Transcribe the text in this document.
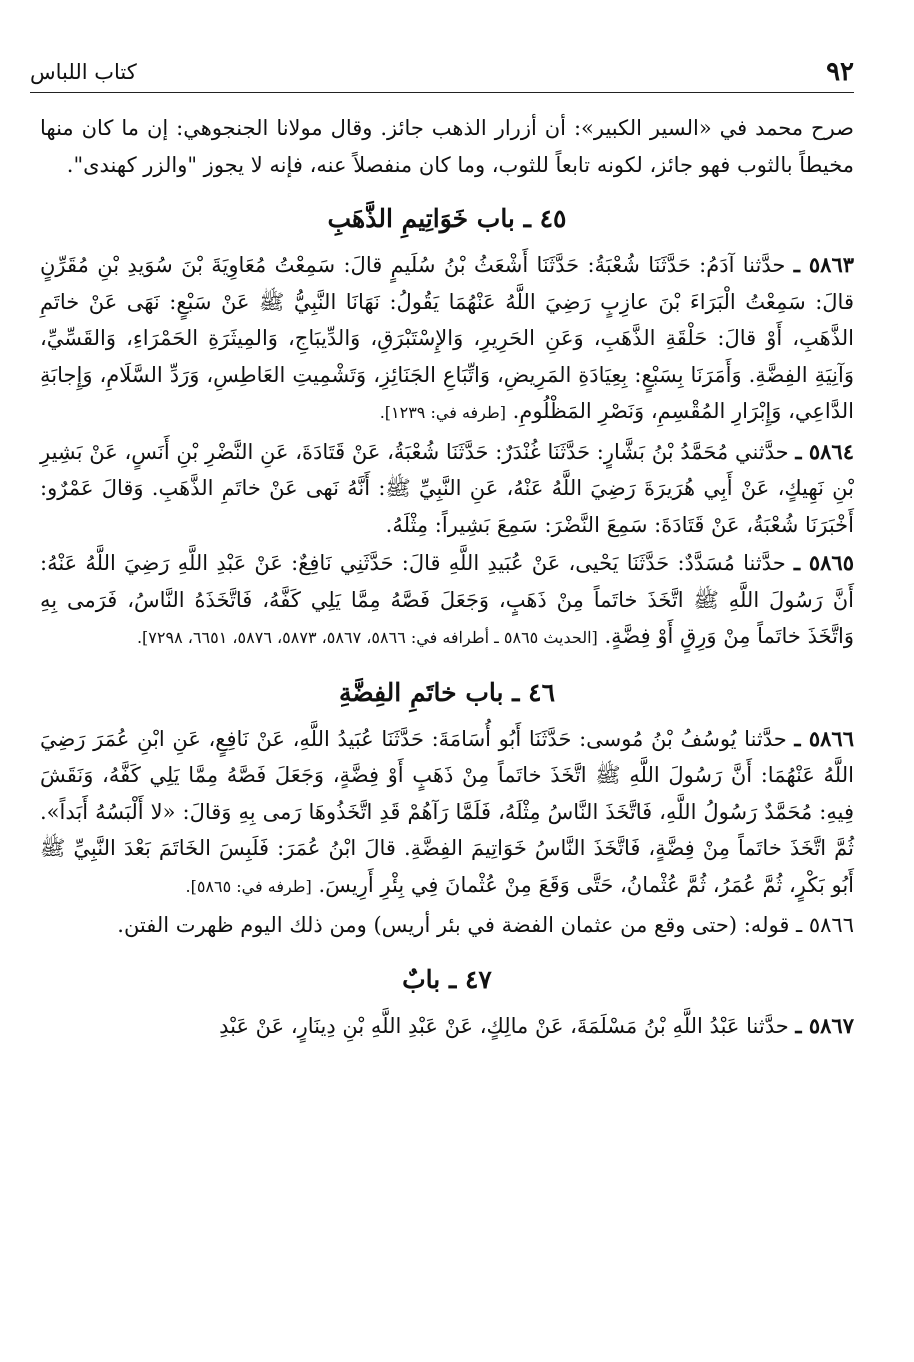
٩٢
كتاب اللباس

صرح محمد في «السير الكبير»: أن أزرار الذهب جائز. وقال مولانا الجنجوهي: إن ما كان منها مخيطاً بالثوب فهو جائز، لكونه تابعاً للثوب، وما كان منفصلاً عنه، فإنه لا يجوز "والزر كهندى".

٤٥ ـ باب خَوَاتِيمِ الذَّهَبِ

٥٨٦٣ ـ حدَّثنا آدَمُ: حَدَّثَنَا شُعْبَةُ: حَدَّثَنَا أَشْعَثُ بْنُ سُلَيمٍ قالَ: سَمِعْتُ مُعَاوِيَةَ بْنَ سُوَيدِ بْنِ مُقَرِّنٍ قالَ: سَمِعْتُ الْبَرَاءَ بْنَ عازِبٍ رَضِيَ اللَّهُ عَنْهُمَا يَقُولُ: نَهَانَا النَّبِيُّ ﷺ عَنْ سَبْعٍ: نَهَى عَنْ خاتَمِ الذَّهَبِ، أَوْ قالَ: حَلْقَةِ الذَّهَبِ، وَعَنِ الحَرِيرِ، وَالإِسْتَبْرَقِ، وَالدِّيبَاجِ، وَالمِيثَرَةِ الحَمْرَاءِ، وَالقَسِّيِّ، وَآنِيَةِ الفِضَّةِ. وَأَمَرَنَا بِسَبْعٍ: بِعِيَادَةِ المَرِيضِ، وَاتِّبَاعِ الجَنَائِزِ، وَتَشْمِيتِ العَاطِسِ، وَرَدِّ السَّلَامِ، وَإِجابَةِ الدَّاعِي، وَإِبْرَارِ المُقْسِمِ، وَنَصْرِ المَظْلُومِ. [طرفه في: ١٢٣٩].

٥٨٦٤ ـ حدَّثني مُحَمَّدُ بْنُ بَشَّارٍ: حَدَّثَنَا غُنْدَرٌ: حَدَّثَنَا شُعْبَةُ، عَنْ قَتَادَةَ، عَنِ النَّضْرِ بْنِ أَنَسٍ، عَنْ بَشِيرِ بْنِ نَهِيكٍ، عَنْ أَبِي هُرَيرَةَ رَضِيَ اللَّهُ عَنْهُ، عَنِ النَّبِيِّ ﷺ: أَنَّهُ نَهى عَنْ خاتَمِ الذَّهَبِ. وَقالَ عَمْرٌو: أَخْبَرَنَا شُعْبَةُ، عَنْ قَتَادَةَ: سَمِعَ النَّضْرَ: سَمِعَ بَشِيراً: مِثْلَهُ.

٥٨٦٥ ـ حدَّثنا مُسَدَّدٌ: حَدَّثَنَا يَحْيى، عَنْ عُبَيدِ اللَّهِ قالَ: حَدَّثَنِي نَافِعٌ: عَنْ عَبْدِ اللَّهِ رَضِيَ اللَّهُ عَنْهُ: أَنَّ رَسُولَ اللَّهِ ﷺ اتَّخَذَ خاتَماً مِنْ ذَهَبٍ، وَجَعَلَ فَصَّهُ مِمَّا يَلِي كَفَّهُ، فَاتَّخَذَهُ النَّاسُ، فَرَمى بِهِ وَاتَّخَذَ خاتَماً مِنْ وَرِقٍ أَوْ فِضَّةٍ. [الحديث ٥٨٦٥ ـ أطرافه في: ٥٨٦٦، ٥٨٦٧، ٥٨٧٣، ٥٨٧٦، ٦٦٥١، ٧٢٩٨].

٤٦ ـ باب خاتَمِ الفِضَّةِ

٥٨٦٦ ـ حدَّثنا يُوسُفُ بْنُ مُوسى: حَدَّثَنَا أَبُو أُسَامَةَ: حَدَّثَنَا عُبَيدُ اللَّهِ، عَنْ نَافِعٍ، عَنِ ابْنِ عُمَرَ رَضِيَ اللَّهُ عَنْهُمَا: أَنَّ رَسُولَ اللَّهِ ﷺ اتَّخَذَ خاتَماً مِنْ ذَهَبٍ أَوْ فِضَّةٍ، وَجَعَلَ فَصَّهُ مِمَّا يَلِي كَفَّهُ، وَنَقَشَ فِيهِ: مُحَمَّدٌ رَسُولُ اللَّهِ، فَاتَّخَذَ النَّاسُ مِثْلَهُ، فَلَمَّا رَآهُمْ قَدِ اتَّخَذُوهَا رَمى بِهِ وَقالَ: «لا أَلْبَسُهُ أَبَداً». ثُمَّ اتَّخَذَ خاتَماً مِنْ فِضَّةٍ، فَاتَّخَذَ النَّاسُ خَوَاتِيمَ الفِضَّةِ. قالَ ابْنُ عُمَرَ: فَلَبِسَ الخَاتَمَ بَعْدَ النَّبِيِّ ﷺ أَبُو بَكْرٍ، ثُمَّ عُمَرُ، ثُمَّ عُثْمانُ، حَتَّى وَقَعَ مِنْ عُثْمانَ فِي بِئْرِ أَرِيسَ. [طرفه في: ٥٨٦٥].

٥٨٦٦ ـ قوله: (حتى وقع من عثمان الفضة في بئر أريس) ومن ذلك اليوم ظهرت الفتن.

٤٧ ـ بابٌ

٥٨٦٧ ـ حدَّثنا عَبْدُ اللَّهِ بْنُ مَسْلَمَةَ، عَنْ مالِكٍ، عَنْ عَبْدِ اللَّهِ بْنِ دِينَارٍ، عَنْ عَبْدِ
